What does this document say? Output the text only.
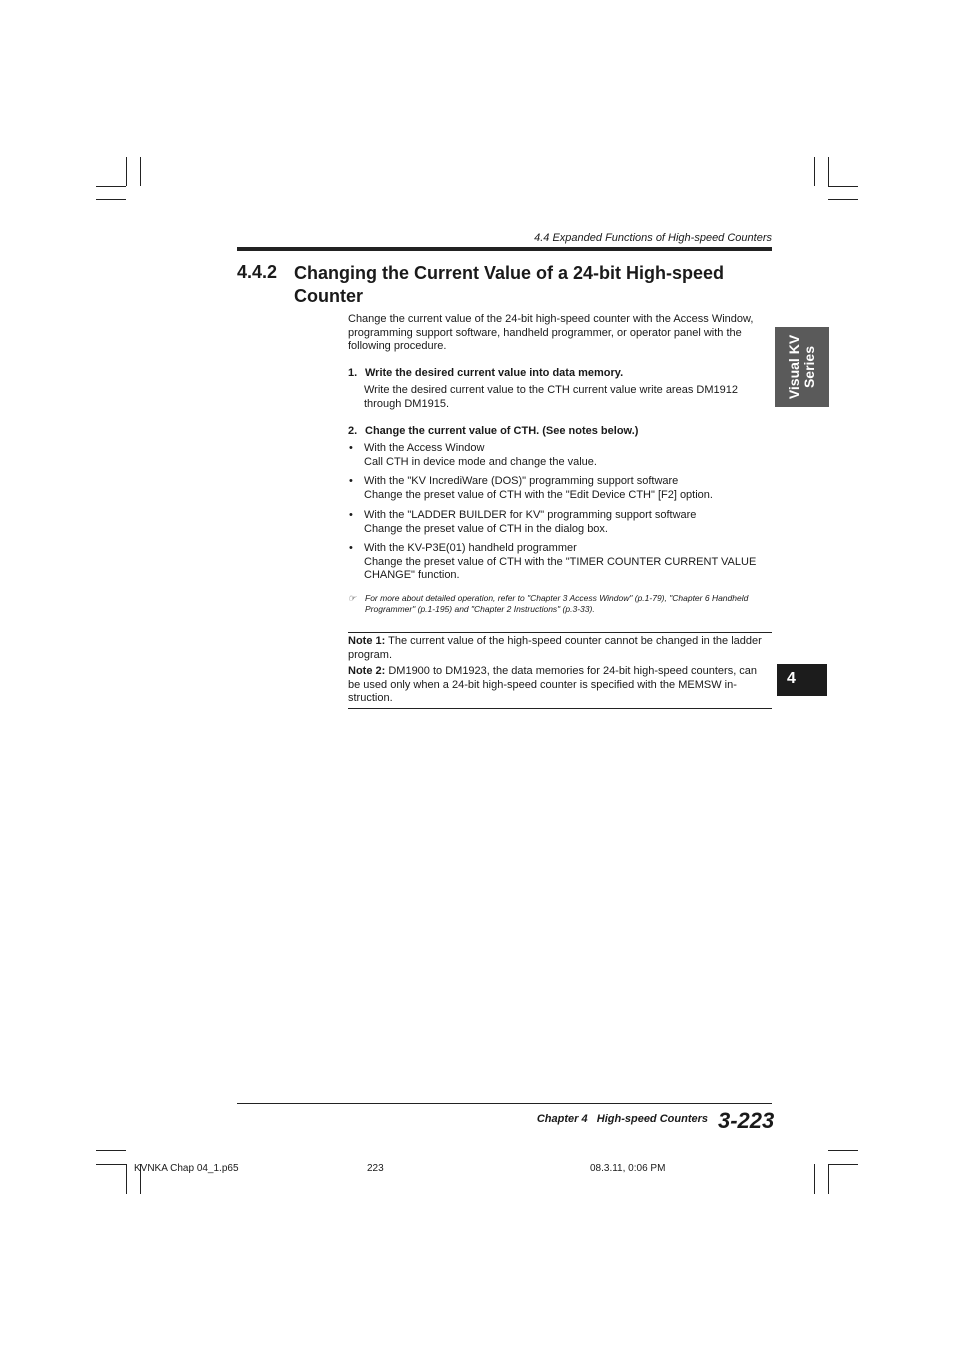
4.4 Expanded Functions of High-speed Counters
4.4.2 Changing the Current Value of a 24-bit High-speed Counter
Change the current value of the 24-bit high-speed counter with the Access Window, programming support software, handheld programmer, or operator panel with the following procedure.
1. Write the desired current value into data memory.
Write the desired current value to the CTH current value write areas DM1912 through DM1915.
2. Change the current value of CTH. (See notes below.)
• With the Access Window
Call CTH in device mode and change the value.
• With the "KV IncrediWare (DOS)" programming support software
Change the preset value of CTH with the "Edit Device CTH" [F2] option.
• With the "LADDER BUILDER for KV" programming support software
Change the preset value of CTH in the dialog box.
• With the KV-P3E(01) handheld programmer
Change the preset value of CTH with the "TIMER COUNTER CURRENT VALUE CHANGE" function.
☞ For more about detailed operation, refer to "Chapter 3 Access Window" (p.1-79), "Chapter 6 Handheld Programmer" (p.1-195) and "Chapter 2 Instructions" (p.3-33).

Note 1: The current value of the high-speed counter cannot be changed in the ladder program.

Note 2: DM1900 to DM1923, the data memories for 24-bit high-speed counters, can be used only when a 24-bit high-speed counter is specified with the MEMSW in-struction.

Visual KV Series
4
Chapter 4   High-speed Counters 3-223
KVNKA Chap 04_1.p65	223	08.3.11, 0:06 PM
